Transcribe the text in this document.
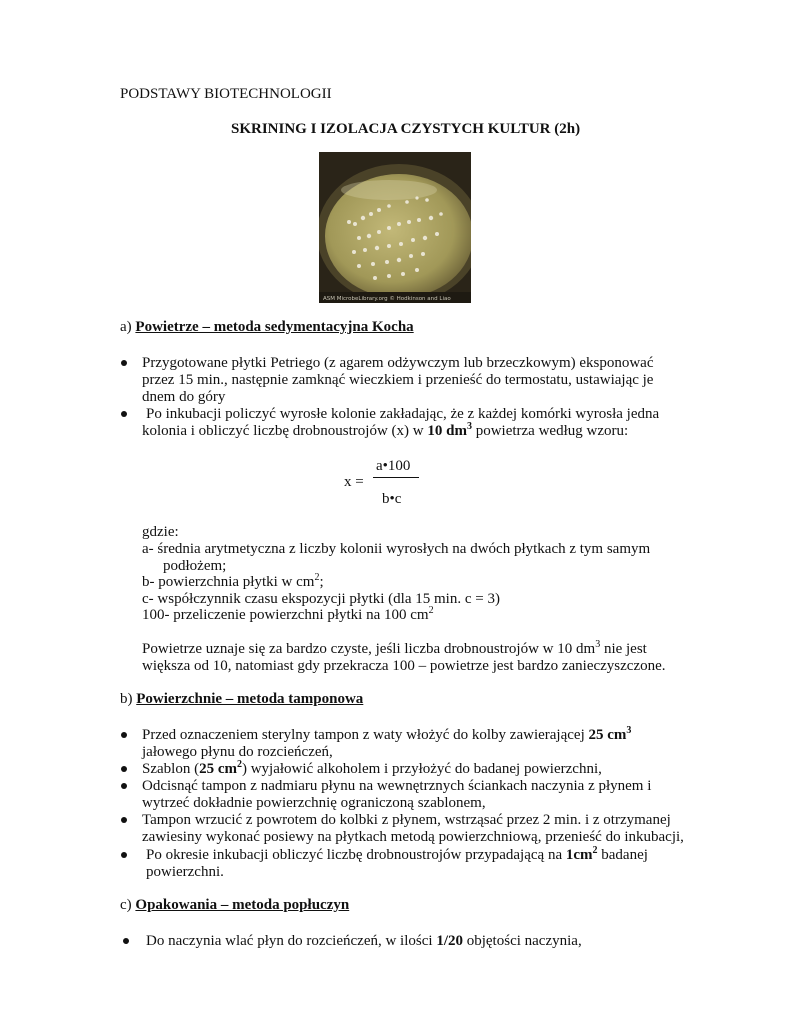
PODSTAWY BIOTECHNOLOGII
SKRINING I IZOLACJA CZYSTYCH KULTUR (2h)
ASM MicrobeLibrary.org © Hodkinson and Liao
a) Powietrze – metoda sedymentacyjna Kocha
Przygotowane płytki Petriego (z agarem odżywczym lub brzeczkowym) eksponować
przez 15 min., następnie zamknąć wieczkiem i przenieść do termostatu, ustawiając je
dnem do góry
Po inkubacji policzyć wyrosłe kolonie zakładając, że z każdej komórki wyrosła jedna
kolonia i obliczyć liczbę drobnoustrojów (x) w 10 $dm^3$ powietrza według wzoru:
a•100
x =
b•c
gdzie:
a- średnia arytmetyczna z liczby kolonii wyrosłych na dwóch płytkach z tym samym
podłożem;
b- powierzchnia płytki w $cm^2$;
c- współczynnik czasu ekspozycji płytki (dla 15 min. c = 3)
100- przeliczenie powierzchni płytki na 100 $cm^2$
Powietrze uznaje się za bardzo czyste, jeśli liczba drobnoustrojów w 10 $dm^3$ nie jest
większa od 10, natomiast gdy przekracza 100 – powietrze jest bardzo zanieczyszczone.
b) Powierzchnie – metoda tamponowa
Przed oznaczeniem sterylny tampon z waty włożyć do kolby zawierającej 25 $cm^3$
jałowego płynu do rozcieńczeń,
Szablon (25 $cm^2$) wyjałowić alkoholem i przyłożyć do badanej powierzchni,
Odcisnąć tampon z nadmiaru płynu na wewnętrznych ściankach naczynia z płynem i
wytrzeć dokładnie powierzchnię ograniczoną szablonem,
Tampon wrzucić z powrotem do kolbki z płynem, wstrząsać przez 2 min. i z otrzymanej
zawiesiny wykonać posiewy na płytkach metodą powierzchniową, przenieść do inkubacji,
Po okresie inkubacji obliczyć liczbę drobnoustrojów przypadającą na $1cm^2$ badanej
powierzchni.
c) Opakowania – metoda popłuczyn
Do naczynia wlać płyn do rozcieńczeń, w ilości 1/20 objętości naczynia,
